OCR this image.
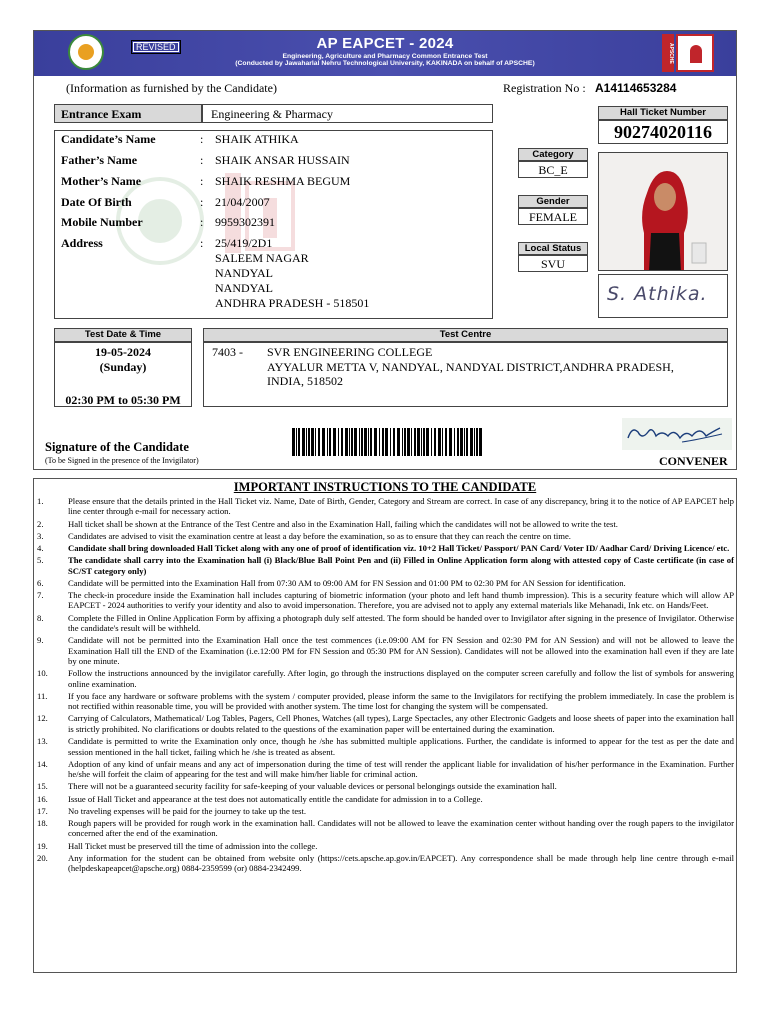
AP EAPCET - 2024
Engineering, Agriculture and Pharmacy Common Entrance Test
(Conducted by Jawaharlal Nehru Technological University, KAKINADA on behalf of APSCHE)
APSCHE
REVISED
(Information as furnished by the Candidate)	Registration No : A14114653284
Entrance Exam	Engineering & Pharmacy
Candidate’s Name	: SHAIK ATHIKA
Father’s Name	: SHAIK ANSAR HUSSAIN
Mother’s Name	: SHAIK RESHMA BEGUM
Date Of Birth	: 21/04/2007
Mobile Number	: 9959302391
Address	: 25/419/2D1
SALEEM NAGAR
NANDYAL
NANDYAL
ANDHRA PRADESH - 518501
Hall Ticket Number
90274020116
Category
BC_E
Gender
FEMALE
Local Status
SVU
S. Athika.
Test Date & Time
19-05-2024
(Sunday)
02:30 PM to 05:30 PM
Test Centre
7403 - SVR ENGINEERING COLLEGE
AYYALUR METTA V, NANDYAL, NANDYAL DISTRICT,ANDHRA PRADESH,
INDIA, 518502
Signature of the Candidate
(To be Signed in the presence of the Invigilator)	CONVENER
IMPORTANT INSTRUCTIONS TO THE CANDIDATE
1.	Please ensure that the details printed in the Hall Ticket viz. Name, Date of Birth, Gender, Category and Stream are correct. In case of any discrepancy, bring it to the notice of AP EAPCET help line center through e-mail for necessary action.
2.	Hall ticket shall be shown at the Entrance of the Test Centre and also in the Examination Hall, failing which the candidates will not be allowed to write the test.
3.	Candidates are advised to visit the examination centre at least a day before the examination, so as to ensure that they can reach the centre on time.
4.	Candidate shall bring downloaded Hall Ticket along with any one of proof of identification viz. 10+2 Hall Ticket/ Passport/ PAN Card/ Voter ID/ Aadhar Card/ Driving Licence/ etc.
5.	The candidate shall carry into the Examination hall (i) Black/Blue Ball Point Pen and (ii) Filled in Online Application form along with attested copy of Caste certificate (in case of SC/ST category only)
6.	Candidate will be permitted into the Examination Hall from 07:30 AM to 09:00 AM for FN Session and 01:00 PM to 02:30 PM for AN Session for identification.
7.	The check-in procedure inside the Examination hall includes capturing of biometric information (your photo and left hand thumb impression). This is a security feature which will allow AP EAPCET - 2024 authorities to verify your identity and also to avoid impersonation. Therefore, you are advised not to apply any external materials like Mehanadi, Ink etc. on Hands/Feet.
8.	Complete the Filled in Online Application Form by affixing a photograph duly self attested. The form should be handed over to Invigilator after signing in the presence of Invigilator. Otherwise the candidate's result will be withheld.
9.	Candidate will not be permitted into the Examination Hall once the test commences (i.e.09:00 AM for FN Session and 02:30 PM for AN Session) and will not be allowed to leave the Examination Hall till the END of the Examination (i.e.12:00 PM for FN Session and 05:30 PM for AN Session). Candidates will not be allowed into the examination hall even if they are late by one minute.
10.	Follow the instructions announced by the invigilator carefully. After login, go through the instructions displayed on the computer screen carefully and follow the list of symbols for answering online examination.
11.	If you face any hardware or software problems with the system / computer provided, please inform the same to the Invigilators for rectifying the problem immediately. In case the problem is not rectified within reasonable time, you will be provided with another system. The time lost for changing the system will be compensated.
12.	Carrying of Calculators, Mathematical/ Log Tables, Pagers, Cell Phones, Watches (all types), Large Spectacles, any other Electronic Gadgets and loose sheets of paper into the examination hall is strictly prohibited. No clarifications or doubts related to the questions of the examination paper will be entertained during the examination.
13.	Candidate is permitted to write the Examination only once, though he /she has submitted multiple applications. Further, the candidate is informed to appear for the test as per the date and session mentioned in the hall ticket, failing which he /she is treated as absent.
14.	Adoption of any kind of unfair means and any act of impersonation during the time of test will render the applicant liable for invalidation of his/her performance in the Examination. Further he/she will forfeit the claim of appearing for the test and will make him/her liable for criminal action.
15.	There will not be a guaranteed security facility for safe-keeping of your valuable devices or personal belongings outside the examination hall.
16.	Issue of Hall Ticket and appearance at the test does not automatically entitle the candidate for admission in to a College.
17.	No traveling expenses will be paid for the journey to take up the test.
18.	Rough papers will be provided for rough work in the examination hall. Candidates will not be allowed to leave the examination center without handing over the rough papers to the invigilator concerned after the end of the examination.
19.	Hall Ticket must be preserved till the time of admission into the college.
20.	Any information for the student can be obtained from website only (https://cets.apsche.ap.gov.in/EAPCET). Any correspondence shall be made through help line centre through e-mail (helpdeskapeapcet@apsche.org) 0884-2359599 (or) 0884-2342499.
